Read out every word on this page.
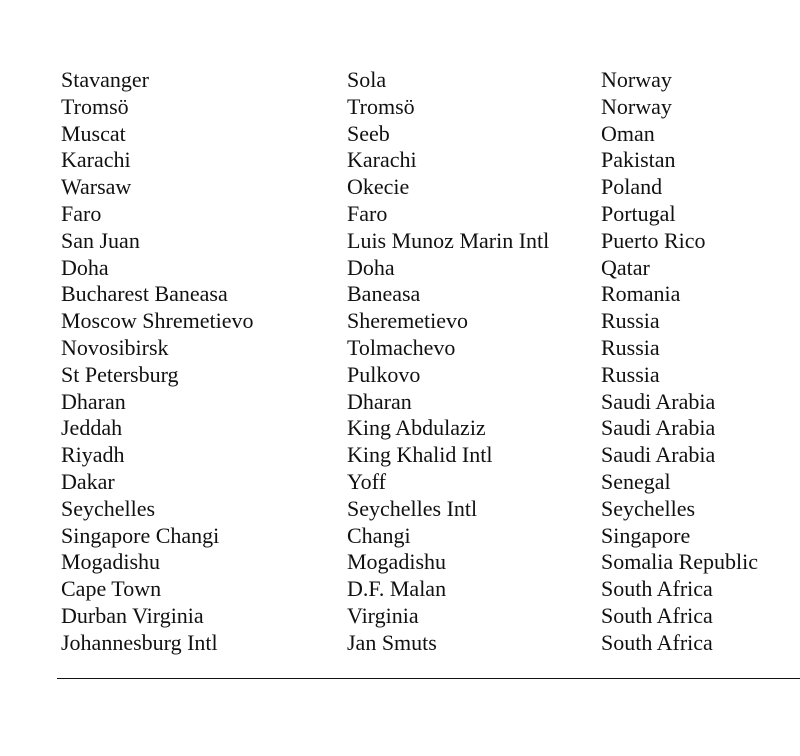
Stavanger	Sola	Norway
Tromsö	Tromsö	Norway
Muscat	Seeb	Oman
Karachi	Karachi	Pakistan
Warsaw	Okecie	Poland
Faro	Faro	Portugal
San Juan	Luis Munoz Marin Intl	Puerto Rico
Doha	Doha	Qatar
Bucharest Baneasa	Baneasa	Romania
Moscow Shremetievo	Sheremetievo	Russia
Novosibirsk	Tolmachevo	Russia
St Petersburg	Pulkovo	Russia
Dharan	Dharan	Saudi Arabia
Jeddah	King Abdulaziz	Saudi Arabia
Riyadh	King Khalid Intl	Saudi Arabia
Dakar	Yoff	Senegal
Seychelles	Seychelles Intl	Seychelles
Singapore Changi	Changi	Singapore
Mogadishu	Mogadishu	Somalia Republic
Cape Town	D.F. Malan	South Africa
Durban Virginia	Virginia	South Africa
Johannesburg Intl	Jan Smuts	South Africa
